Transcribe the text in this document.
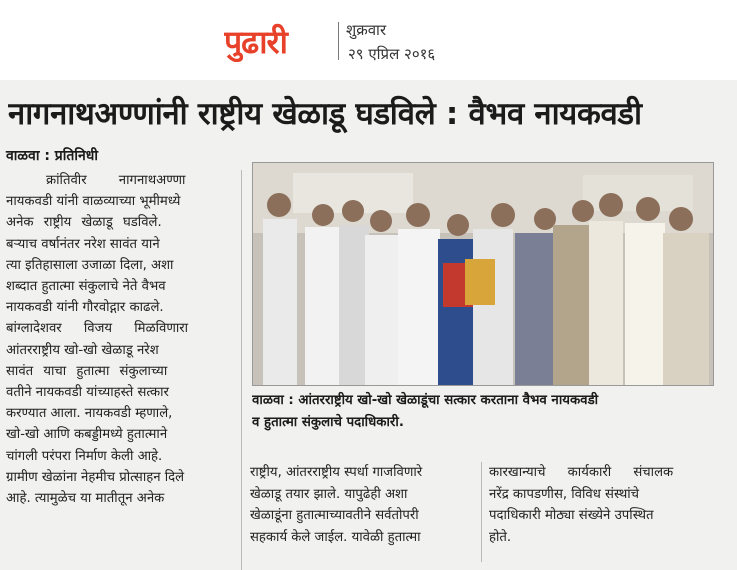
पुढारी	शुक्रवार
२९ एप्रिल २०१६
नागनाथअण्णांनी राष्ट्रीय खेळाडू घडविले : वैभव नायकवडी
वाळवा : प्रतिनिधी
क्रांतिवीर नागनाथअण्णा
नायकवडी यांनी वाळव्याच्या भूमीमध्ये
अनेक राष्ट्रीय खेळाडू घडविले.
बऱ्याच वर्षानंतर नरेश सावंत याने
त्या इतिहासाला उजाळा दिला, अशा
शब्दात हुतात्मा संकुलाचे नेते वैभव
नायकवडी यांनी गौरवोद्गार काढले.
बांग्लादेशवर विजय मिळविणारा
आंतरराष्ट्रीय खो-खो खेळाडू नरेश
सावंत याचा हुतात्मा संकुलाच्या
वतीने नायकवडी यांच्याहस्ते सत्कार
करण्यात आला. नायकवडी म्हणाले,
खो-खो आणि कबड्डीमध्ये हुतात्माने
चांगली परंपरा निर्माण केली आहे.
ग्रामीण खेळांना नेहमीच प्रोत्साहन दिले
आहे. त्यामुळेच या मातीतून अनेक
वाळवा : आंतरराष्ट्रीय खो-खो खेळाडूंचा सत्कार करताना वैभव नायकवडी
व हुतात्मा संकुलाचे पदाधिकारी.
राष्ट्रीय, आंतरराष्ट्रीय स्पर्धा गाजविणारे
खेळाडू तयार झाले. यापुढेही अशा
खेळाडूंना हुतात्माच्यावतीने सर्वतोपरी
सहकार्य केले जाईल. यावेळी हुतात्मा
कारखान्याचे कार्यकारी संचालक
नरेंद्र कापडणीस, विविध संस्थांचे
पदाधिकारी मोठ्या संख्येने उपस्थित
होते.
